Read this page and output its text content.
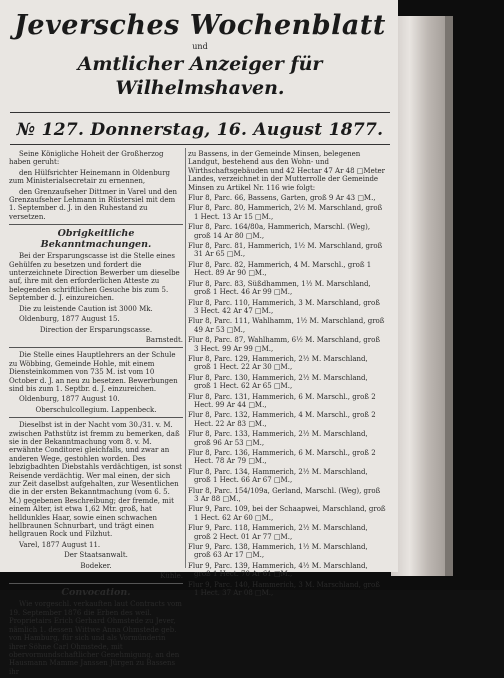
Jeversches Wochenblatt
und
Amtlicher Anzeiger für Wilhelmshaven.
№ 127. Donnerstag, 16. August 1877.

Seine Königliche Hoheit der Großherzog haben geruht:

den Hülfsrichter Heinemann in Oldenburg zum Ministerialsecretair zu ernennen,

den Grenzaufseher Dittmer in Varel und den Grenzaufseher Lehmann in Rüstersiel mit dem 1. September d. J. in den Ruhestand zu versetzen.

Obrigkeitliche Bekanntmachungen.

Bei der Ersparungscasse ist die Stelle eines Gehülfen zu besetzen und fordert die unterzeichnete Direction Bewerber um dieselbe auf, ihre mit den erforderlichen Atteste zu belegenden schriftlichen Gesuche bis zum 5. September d. J. einzureichen.

Die zu leistende Caution ist 3000 Mk.

Oldenburg, 1877 August 15.

Direction der Ersparungscasse.

Barnstedt.

Die Stelle eines Hauptlehrers an der Schule zu Wöbbing, Gemeinde Hohle, mit einem Diensteinkommen von 735 M. ist vom 10 October d. J. an neu zu besetzen. Bewerbungen sind bis zum 1. Septbr. d. J. einzureichen.

Oldenburg, 1877 August 10.

Oberschulcollegium. Lappenbeck.

Dieselbst ist in der Nacht vom 30./31. v. M. zwischen Pathstütz ist fremm zu bemerken, daß sie in der Bekanntmachung vom 8. v. M. erwähnte Conditorei gleichfalls, und zwar an anderen Wege, gestohlen worden. Des lebzigbadhten Diebstahls verdächtigen, ist sonst Reisende verdächtig. Wer mal einen, der sich zur Zeit daselbst aufgehalten, zur Wesentlichen die in der ersten Bekanntmachung (vom 6. 5. M.) gegebenen Beschreibung; der fremde, mit einem Alter, ist etwa 1,62 Mtr. groß, hat helldunkles Haar, sowie einen schwachen hellbraunen Schnurbart, und trägt einen hellgrauen Rock und Filzhut.

Varel, 1877 August 11.

Der Staatsanwalt.

Bodeker.

Kühle.

Convocation.

Wie vorgeschl. verkauften laut Contracts vom 19. September 1876 die Erben des weil. Proprietairs Erich Gerhard Ohmstede zu Jever, nämlich 1. dessen Wittwe Anna Ohmstede geb. von Hamburg, für sich und als Vormünderin ihrer Söhne Carl Ohmstede, mit obervormundschaftlicher Genehmigung, an den Hausmann Mamme Janssen Jürgen zu Bassens ihr

zu Bassens, in der Gemeinde Minsen, belegenen Landgut, bestehend aus den Wohn- und Wirthschaftsgebäuden und 42 Hectar 47 Ar 48 □Meter Landes, verzeichnet in der Mutterrolle der Gemeinde Minsen zu Artikel Nr. 116 wie folgt:

Flur 8, Parc. 66, Bassens, Garten, groß 9 Ar 43 □M.,

Flur 8, Parc. 80, Hammerich, 2½ M. Marschland, groß 1 Hect. 13 Ar 15 □M.,

Flur 8, Parc. 164/80a, Hammerich, Marschl. (Weg), groß 14 Ar 80 □M.,

Flur 8, Parc. 81, Hammerich, 1½ M. Marschland, groß 31 Ar 65 □M.,

Flur 8, Parc. 82, Hammerich, 4 M. Marschl., groß 1 Hect. 89 Ar 90 □M.,

Flur 8, Parc. 83, Süßdhammen, 1½ M. Marschland, groß 1 Hect. 46 Ar 99 □M.,

Flur 8, Parc. 110, Hammerich, 3 M. Marschland, groß 3 Hect. 42 Ar 47 □M.,

Flur 8, Parc. 111, Wahlhamm, 1½ M. Marschland, groß 49 Ar 53 □M.,

Flur 8, Parc. 87, Wahlhamm, 6½ M. Marschland, groß 3 Hect. 99 Ar 99 □M.,

Flur 8, Parc. 129, Hammerich, 2½ M. Marschland, groß 1 Hect. 22 Ar 30 □M.,

Flur 8, Parc. 130, Hammerich, 2½ M. Marschland, groß 1 Hect. 62 Ar 65 □M.,

Flur 8, Parc. 131, Hammerich, 6 M. Marschl., groß 2 Hect. 99 Ar 44 □M.,

Flur 8, Parc. 132, Hammerich, 4 M. Marschl., groß 2 Hect. 22 Ar 83 □M.,

Flur 8, Parc. 133, Hammerich, 2½ M. Marschland, groß 96 Ar 53 □M.,

Flur 8, Parc. 136, Hammerich, 6 M. Marschl., groß 2 Hect. 78 Ar 79 □M.,

Flur 8, Parc. 134, Hammerich, 2½ M. Marschland, groß 1 Hect. 66 Ar 67 □M.,

Flur 8, Parc. 154/109a, Gerland, Marschl. (Weg), groß 3 Ar 88 □M.,

Flur 9, Parc. 109, bei der Schaapwei, Marschland, groß 1 Hect. 62 Ar 60 □M.,

Flur 9, Parc. 118, Hammerich, 2½ M. Marschland, groß 2 Hect. 01 Ar 77 □M.,

Flur 9, Parc. 138, Hammerich, 1½ M. Marschland, groß 63 Ar 17 □M.,

Flur 9, Parc. 139, Hammerich, 4½ M. Marschland, groß 1 Hect. 70 Ar 61 □M.,

Flur 9, Parc. 140, Hammerich, 3 M. Marschland, groß 1 Hect. 37 Ar 08 □M.,
